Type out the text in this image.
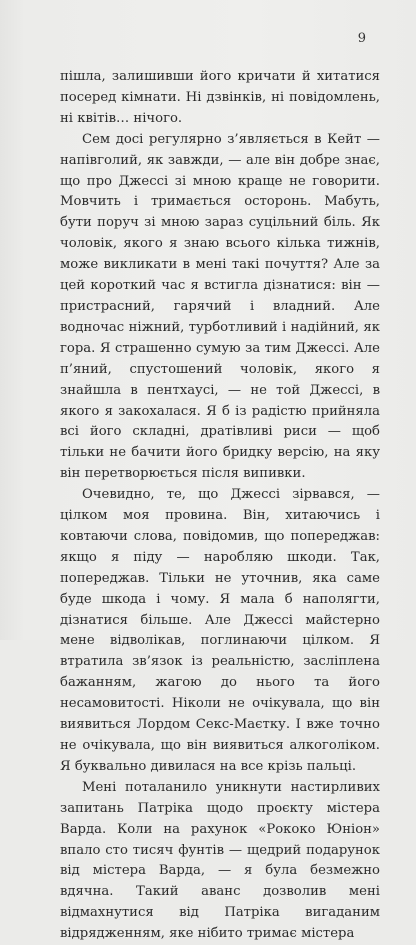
9

пішла, залишивши його кричати й хитатися посеред кімнати. Ні дзвінків, ні повідомлень, ні квітів… нічого.

Сем досі регулярно з’являється в Кейт — напівголий, як завжди, — але він добре знає, що про Джессі зі мною краще не говорити. Мовчить і тримається осторонь. Мабуть, бути поруч зі мною зараз суцільний біль. Як чоловік, якого я знаю всього кілька тижнів, може викликати в мені такі почуття? Але за цей короткий час я встигла дізнатися: він — пристрасний, гарячий і владний. Але водночас ніжний, турботливий і надійний, як гора. Я страшенно сумую за тим Джессі. Але п’яний, спустошений чоловік, якого я знайшла в пентхаусі, — не той Джессі, в якого я закохалася. Я б із радістю прийняла всі його складні, дратівливі риси — щоб тільки не бачити його бридку версію, на яку він перетворюється після випивки.

Очевидно, те, що Джессі зірвався, — цілком моя провина. Він, хитаючись і ковтаючи слова, повідомив, що попереджав: якщо я піду — наробляю шкоди. Так, попереджав. Тільки не уточнив, яка саме буде шкода і чому. Я мала б наполягти, дізнатися більше. Але Джессі майстерно мене відволікав, поглинаючи цілком. Я втратила зв’язок із реальністю, засліплена бажанням, жагою до нього та його несамовитості. Ніколи не очікувала, що він виявиться Лордом Секс-Маєтку. І вже точно не очікувала, що він виявиться алкоголіком. Я буквально дивилася на все крізь пальці.

Мені поталанило уникнути настирливих запитань Патріка щодо проєкту містера Варда. Коли на рахунок «Рококо Юніон» впало сто тисяч фунтів — щедрий подарунок від містера Варда, — я була безмежно вдячна. Такий аванс дозволив мені відмахнутися від Патріка вигаданим відрядженням, яке нібито тримає містера
